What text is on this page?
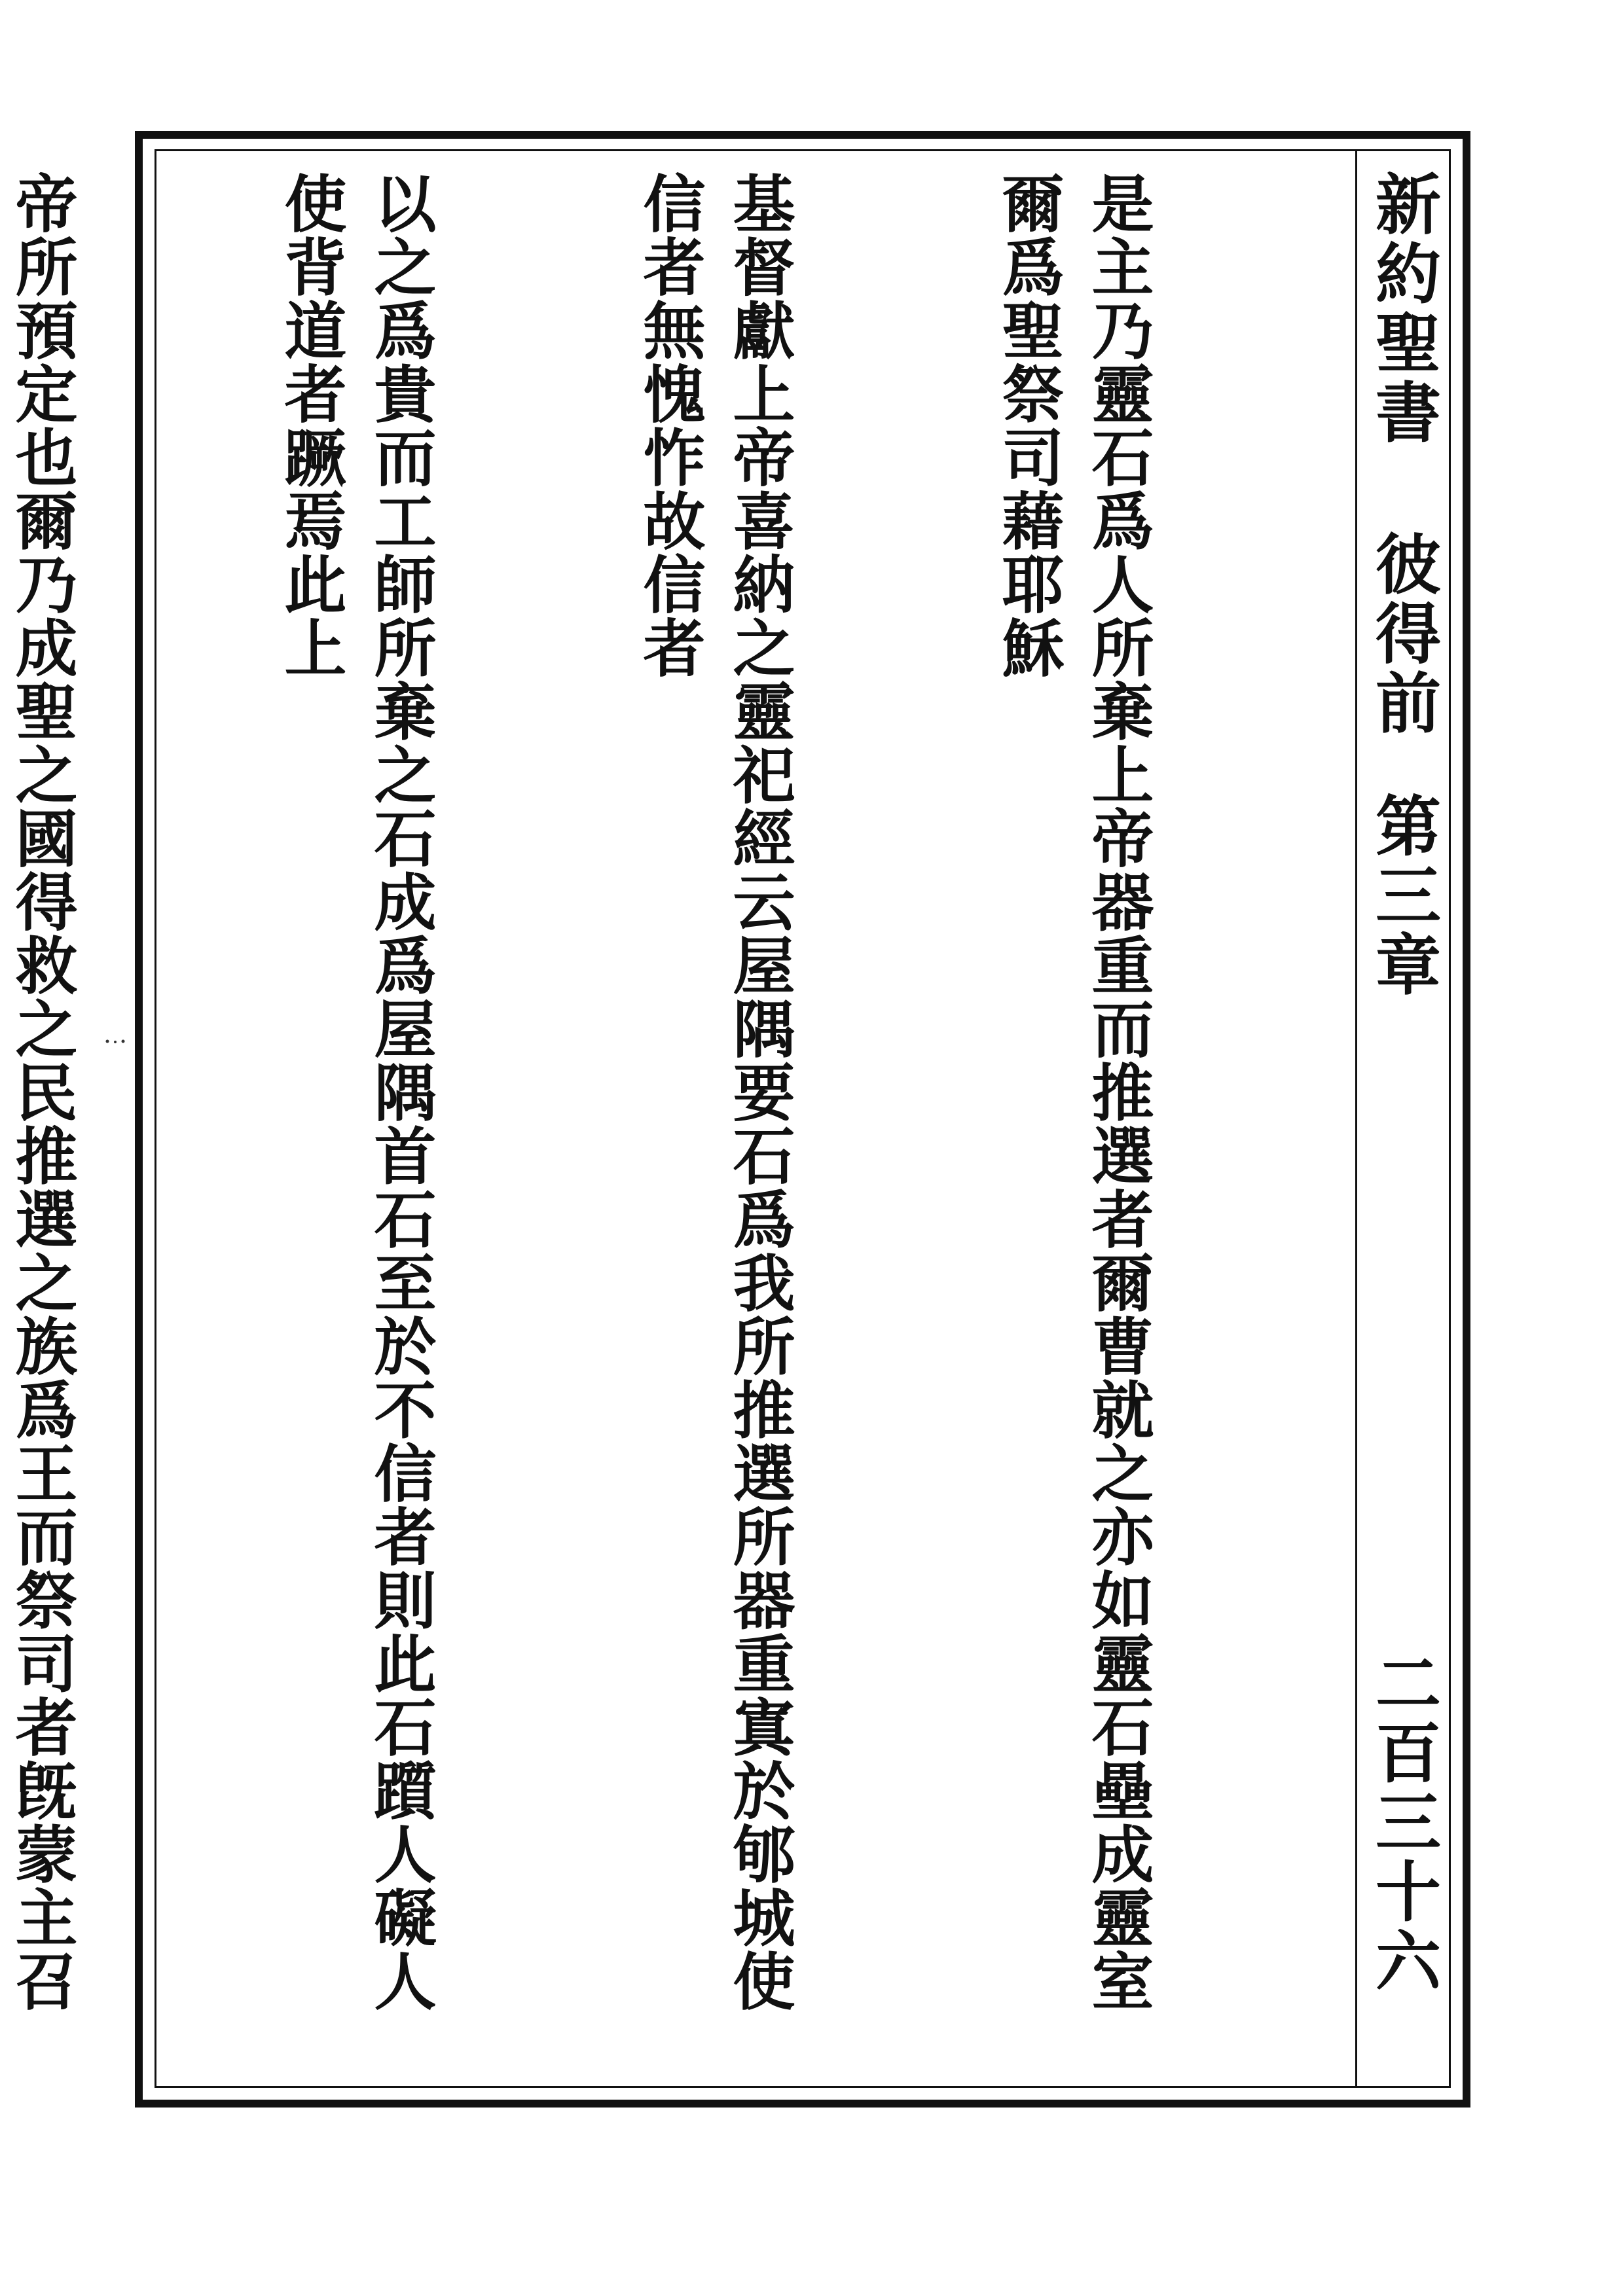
新約聖書
彼得前
第三章
二百三十六

是主乃靈石爲人所棄上帝器重而推選者爾曹就之亦如靈石壘成靈室爾爲聖祭司藉耶穌

基督獻上帝喜納之靈祀經云屋隅要石爲我所推選所器重寘於郇城使信者無愧怍故信者

以之爲貴而工師所棄之石成爲屋隅首石至於不信者則此石躓人礙人使背道者蹶焉此上

帝所預定也爾乃成聖之國得救之民推選之族爲王而祭司者旣蒙主召
